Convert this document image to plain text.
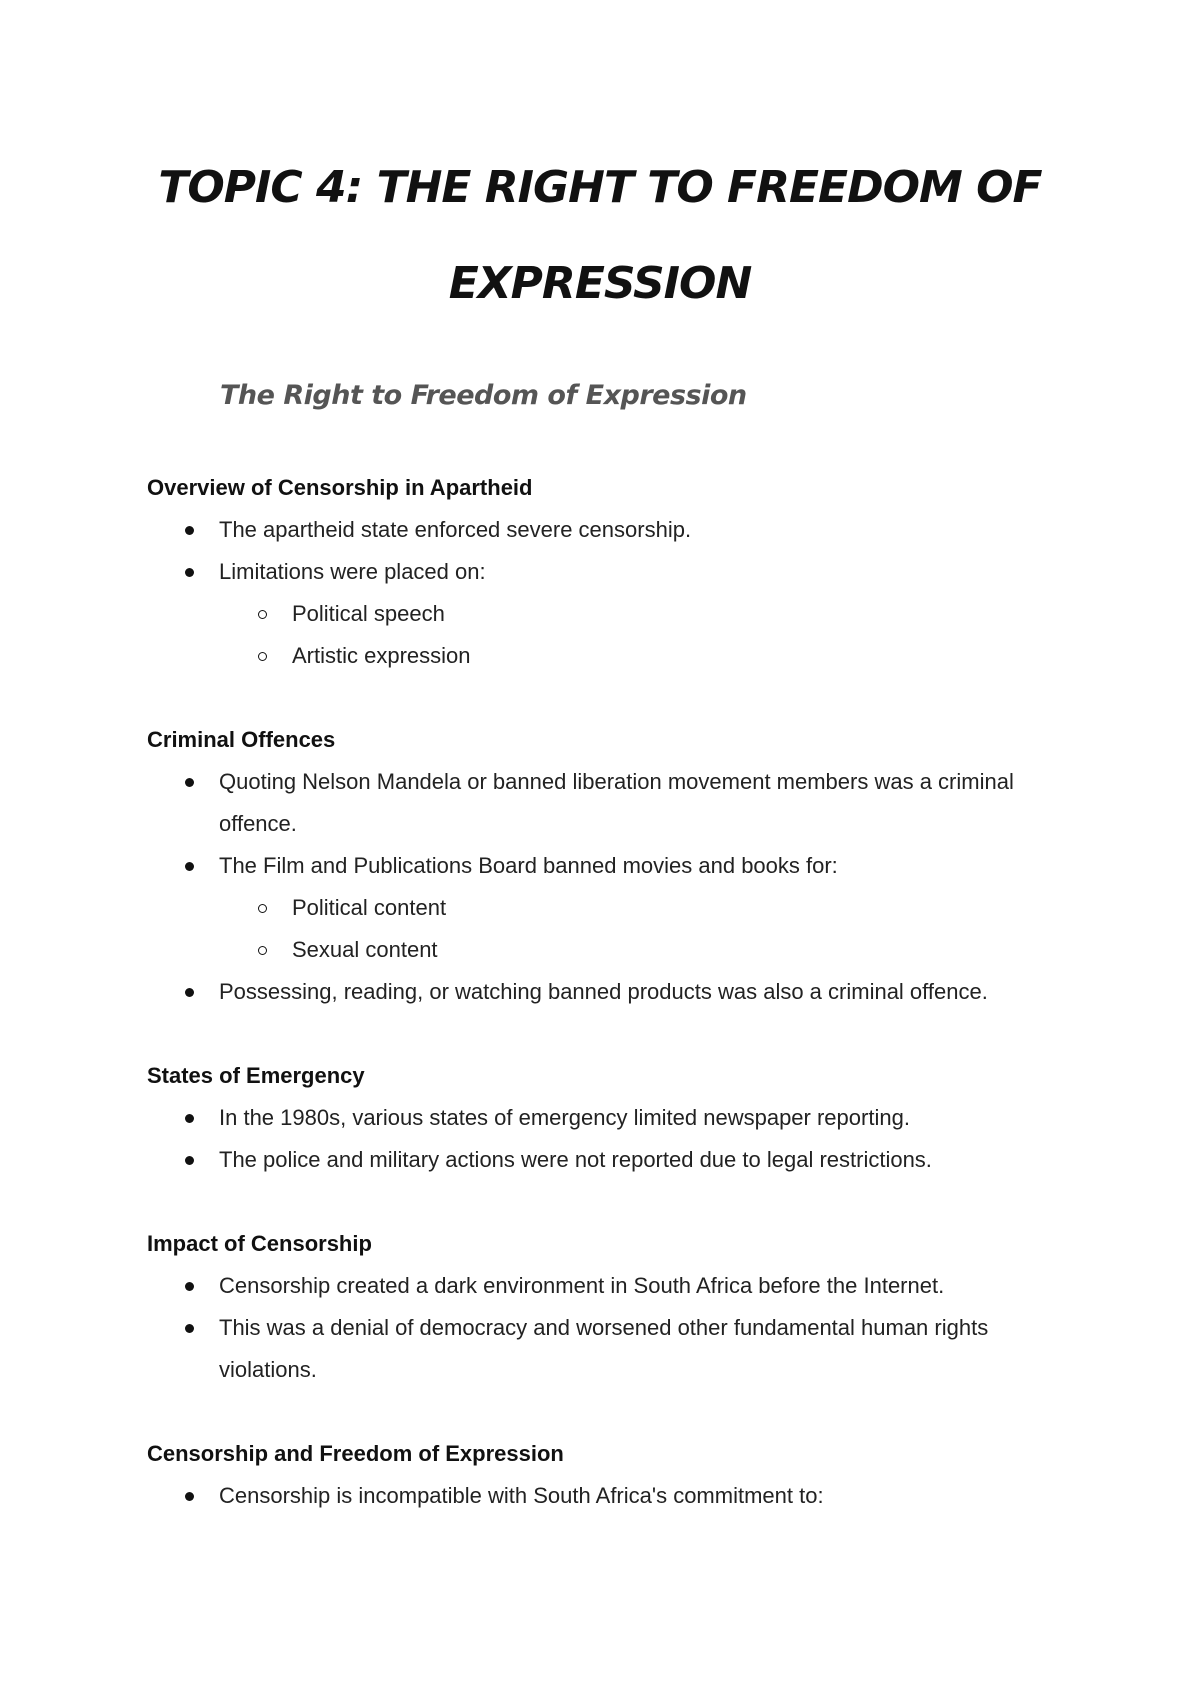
TOPIC 4: THE RIGHT TO FREEDOM OF
EXPRESSION
The Right to Freedom of Expression
Overview of Censorship in Apartheid
The apartheid state enforced severe censorship.
Limitations were placed on:
Political speech
Artistic expression
Criminal Offences
Quoting Nelson Mandela or banned liberation movement members was a criminal offence.
The Film and Publications Board banned movies and books for:
Political content
Sexual content
Possessing, reading, or watching banned products was also a criminal offence.
States of Emergency
In the 1980s, various states of emergency limited newspaper reporting.
The police and military actions were not reported due to legal restrictions.
Impact of Censorship
Censorship created a dark environment in South Africa before the Internet.
This was a denial of democracy and worsened other fundamental human rights violations.
Censorship and Freedom of Expression
Censorship is incompatible with South Africa's commitment to:
